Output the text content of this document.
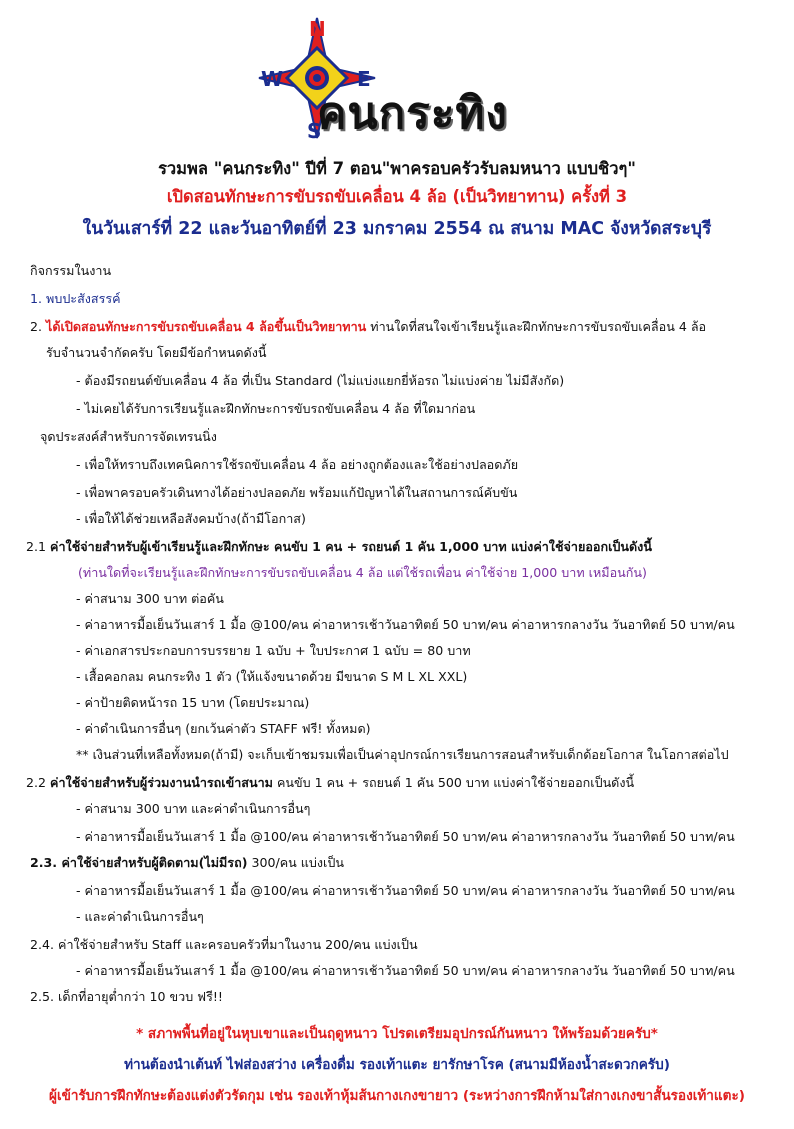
N
W	E
S
คนกระทิง
รวมพล "คนกระทิง" ปีที่ 7 ตอน"พาครอบครัวรับลมหนาว แบบชิวๆ"
เปิดสอนทักษะการขับรถขับเคลื่อน 4 ล้อ (เป็นวิทยาทาน) ครั้งที่ 3
ในวันเสาร์ที่ 22 และวันอาทิตย์ที่ 23 มกราคม 2554 ณ สนาม MAC จังหวัดสระบุรี
กิจกรรมในงาน
1. พบปะสังสรรค์
2. ได้เปิดสอนทักษะการขับรถขับเคลื่อน 4 ล้อขึ้นเป็นวิทยาทาน ท่านใดที่สนใจเข้าเรียนรู้และฝึกทักษะการขับรถขับเคลื่อน 4 ล้อ
รับจำนวนจำกัดครับ โดยมีข้อกำหนดดังนี้
- ต้องมีรถยนต์ขับเคลื่อน 4 ล้อ ที่เป็น Standard (ไม่แบ่งแยกยี่ห้อรถ ไม่แบ่งค่าย ไม่มีสังกัด)
- ไม่เคยได้รับการเรียนรู้และฝึกทักษะการขับรถขับเคลื่อน 4 ล้อ ที่ใดมาก่อน
จุดประสงค์สำหรับการจัดเทรนนิ่ง
- เพื่อให้ทราบถึงเทคนิคการใช้รถขับเคลื่อน 4 ล้อ อย่างถูกต้องและใช้อย่างปลอดภัย
- เพื่อพาครอบครัวเดินทางได้อย่างปลอดภัย พร้อมแก้ปัญหาได้ในสถานการณ์คับขัน
- เพื่อให้ได้ช่วยเหลือสังคมบ้าง(ถ้ามีโอกาส)
2.1 ค่าใช้จ่ายสำหรับผู้เข้าเรียนรู้และฝึกทักษะ คนขับ 1 คน + รถยนต์ 1 คัน 1,000 บาท แบ่งค่าใช้จ่ายออกเป็นดังนี้
(ท่านใดที่จะเรียนรู้และฝึกทักษะการขับรถขับเคลื่อน 4 ล้อ แต่ใช้รถเพื่อน ค่าใช้จ่าย 1,000 บาท เหมือนกัน)
- ค่าสนาม 300 บาท ต่อคัน
- ค่าอาหารมื้อเย็นวันเสาร์ 1 มื้อ @100/คน ค่าอาหารเช้าวันอาทิตย์ 50 บาท/คน ค่าอาหารกลางวัน วันอาทิตย์ 50 บาท/คน
- ค่าเอกสารประกอบการบรรยาย 1 ฉบับ + ใบประกาศ 1 ฉบับ = 80 บาท
- เสื้อคอกลม คนกระทิง 1 ตัว (ให้แจ้งขนาดด้วย มีขนาด S M L XL XXL)
- ค่าป้ายติดหน้ารถ 15 บาท (โดยประมาณ)
- ค่าดำเนินการอื่นๆ (ยกเว้นค่าตัว STAFF ฟรี! ทั้งหมด)
** เงินส่วนที่เหลือทั้งหมด(ถ้ามี) จะเก็บเข้าชมรมเพื่อเป็นค่าอุปกรณ์การเรียนการสอนสำหรับเด็กด้อยโอกาส ในโอกาสต่อไป
2.2 ค่าใช้จ่ายสำหรับผู้ร่วมงานนำรถเข้าสนาม คนขับ 1 คน + รถยนต์ 1 คัน 500 บาท แบ่งค่าใช้จ่ายออกเป็นดังนี้
- ค่าสนาม 300 บาท และค่าดำเนินการอื่นๆ
- ค่าอาหารมื้อเย็นวันเสาร์ 1 มื้อ @100/คน ค่าอาหารเช้าวันอาทิตย์ 50 บาท/คน ค่าอาหารกลางวัน วันอาทิตย์ 50 บาท/คน
2.3. ค่าใช้จ่ายสำหรับผู้ติดตาม(ไม่มีรถ) 300/คน แบ่งเป็น
- ค่าอาหารมื้อเย็นวันเสาร์ 1 มื้อ @100/คน ค่าอาหารเช้าวันอาทิตย์ 50 บาท/คน ค่าอาหารกลางวัน วันอาทิตย์ 50 บาท/คน
- และค่าดำเนินการอื่นๆ
2.4. ค่าใช้จ่ายสำหรับ Staff และครอบครัวที่มาในงาน 200/คน แบ่งเป็น
- ค่าอาหารมื้อเย็นวันเสาร์ 1 มื้อ @100/คน ค่าอาหารเช้าวันอาทิตย์ 50 บาท/คน ค่าอาหารกลางวัน วันอาทิตย์ 50 บาท/คน
2.5. เด็กที่อายุต่ำกว่า 10 ขวบ ฟรี!!
* สภาพพื้นที่อยู่ในหุบเขาและเป็นฤดูหนาว โปรดเตรียมอุปกรณ์กันหนาว ให้พร้อมด้วยครับ*
ท่านต้องนำเต้นท์ ไฟส่องสว่าง เครื่องดื่ม รองเท้าแตะ ยารักษาโรค (สนามมีห้องน้ำสะดวกครับ)
ผู้เข้ารับการฝึกทักษะต้องแต่งตัวรัดกุม เช่น รองเท้าหุ้มส้นกางเกงขายาว (ระหว่างการฝึกห้ามใส่กางเกงขาสั้นรองเท้าแตะ)
